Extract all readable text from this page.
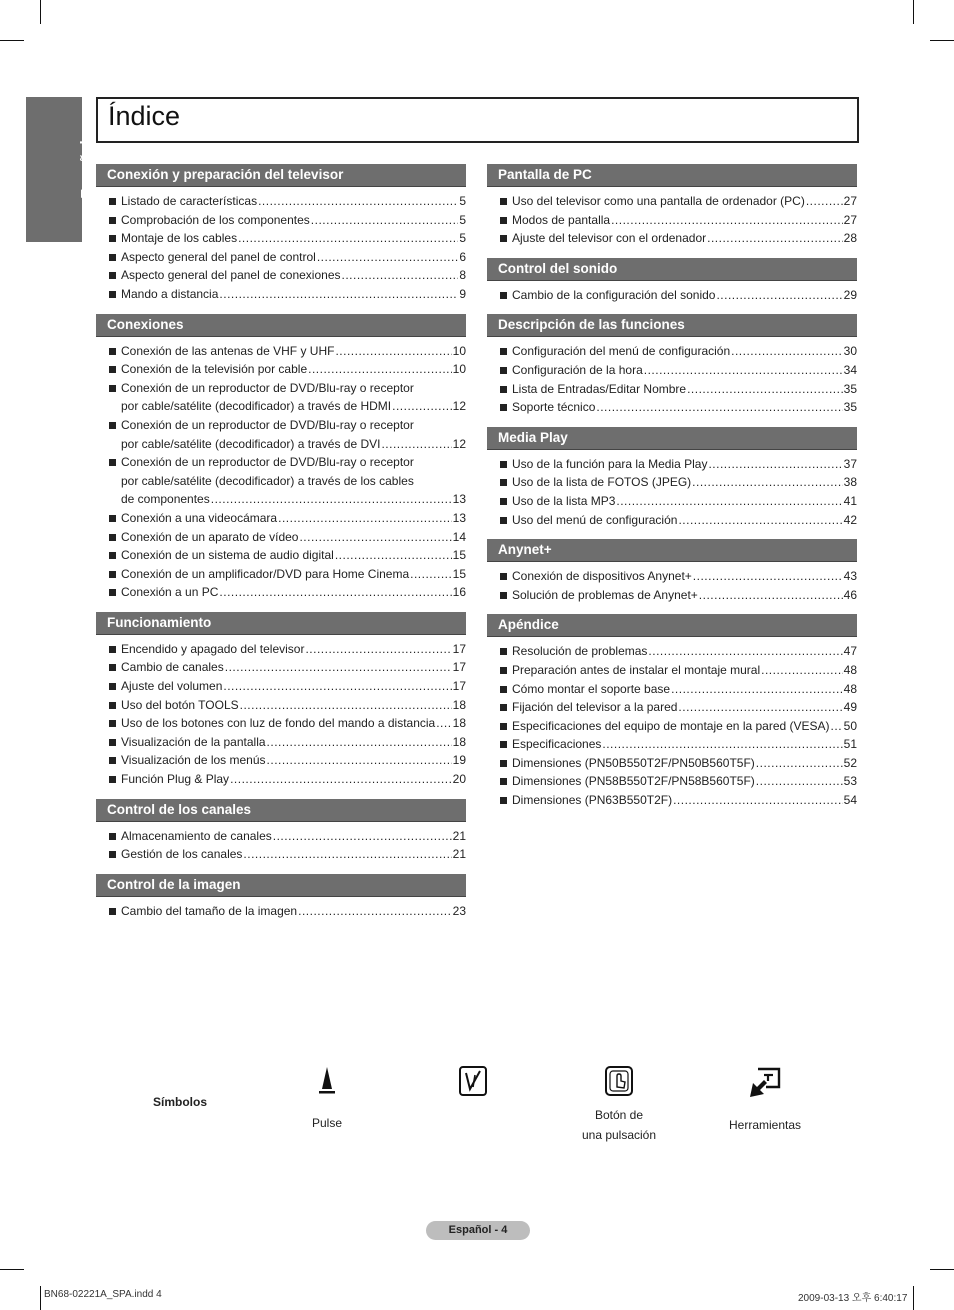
Español
Índice
Conexión y preparación del televisor
Listado de características .....	5
Comprobación de los componentes .....	5
Montaje de los cables .....	5
Aspecto general del panel de control .....	6
Aspecto general del panel de conexiones .....	8
Mando a distancia .....	9
Conexiones
Conexión de las antenas de VHF y UHF .....	10
Conexión de la televisión por cable .....	10
Conexión de un reproductor de DVD/Blu-ray o receptor
por cable/satélite (decodificador) a través de HDMI .....	12
Conexión de un reproductor de DVD/Blu-ray o receptor
por cable/satélite (decodificador) a través de DVI .....	12
Conexión de un reproductor de DVD/Blu-ray o receptor
por cable/satélite (decodificador) a través de los cables
de componentes .....	13
Conexión a una videocámara .....	13
Conexión de un aparato de vídeo .....	14
Conexión de un sistema de audio digital .....	15
Conexión de un amplificador/DVD para Home Cinema .....	15
Conexión a un PC .....	16
Funcionamiento
Encendido y apagado del televisor .....	17
Cambio de canales .....	17
Ajuste del volumen .....	17
Uso del botón TOOLS .....	18
Uso de los botones con luz de fondo del mando a distancia ..... 18
Visualización de la pantalla .....	18
Visualización de los menús .....	19
Función Plug & Play .....	20
Control de los canales
Almacenamiento de canales .....	21
Gestión de los canales .....	21
Control de la imagen
Cambio del tamaño de la imagen .....	23
Pantalla de PC
Uso del televisor como una pantalla de ordenador (PC) .....	27
Modos de pantalla .....	27
Ajuste del televisor con el ordenador .....	28
Control del sonido
Cambio de la configuración del sonido .....	29
Descripción de las funciones
Configuración del menú de configuración .....	30
Configuración de la hora .....	34
Lista de Entradas/Editar Nombre .....	35
Soporte técnico .....	35
Media Play
Uso de la función para la Media Play .....	37
Uso de la lista de FOTOS (JPEG) .....	38
Uso de la lista MP3 .....	41
Uso del menú de configuración .....	42
Anynet+
Conexión de dispositivos Anynet+ .....	43
Solución de problemas de Anynet+ .....	46
Apéndice
Resolución de problemas .....	47
Preparación antes de instalar el montaje mural .....	48
Cómo montar el soporte base .....	48
Fijación del televisor a la pared .....	49
Especificaciones del equipo de montaje en la pared (VESA) ..... 50
Especificaciones .....	51
Dimensiones (PN50B550T2F/PN50B560T5F) .....	52
Dimensiones (PN58B550T2F/PN58B560T5F) .....	53
Dimensiones (PN63B550T2F) .....	54
Símbolos
Pulse
Botón de
una pulsación
Herramientas
Español - 4
BN68-02221A_SPA.indd 4	2009-03-13 오후 6:40:17
